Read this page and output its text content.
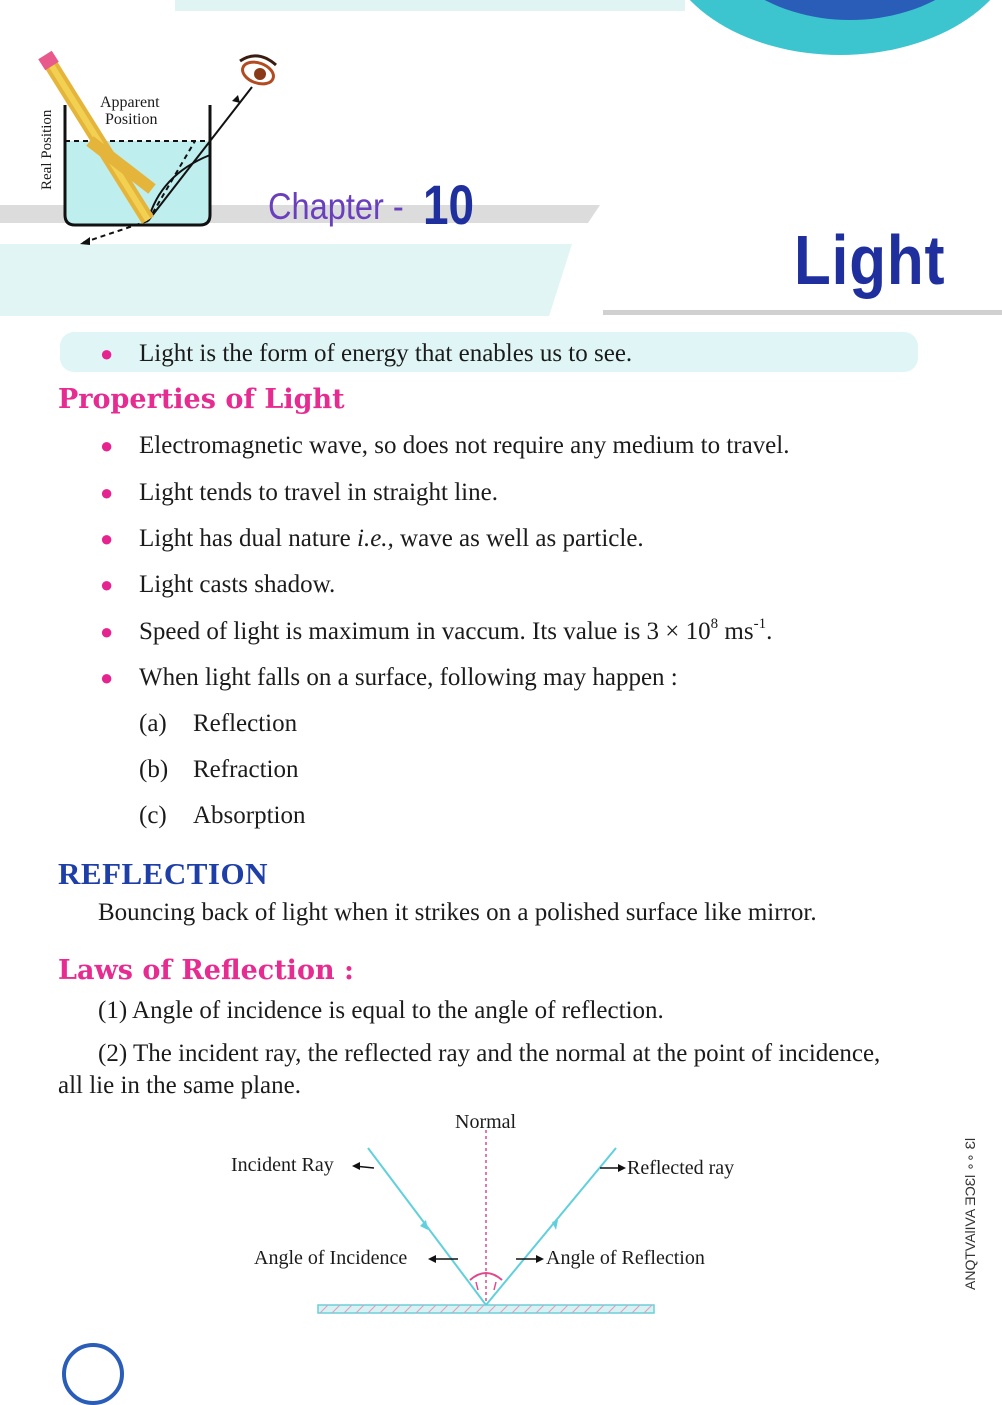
Apparent
Position
Real Position
Chapter - 10
Light
● Light is the form of energy that enables us to see.
Properties of Light
● Electromagnetic wave, so does not require any medium to travel.
● Light tends to travel in straight line.
● Light has dual nature i.e., wave as well as particle.
● Light casts shadow.
● Speed of light is maximum in vaccum. Its value is $3 \times 10^8$ $ms^{-1}$.
● When light falls on a surface, following may happen :
(a) Reflection
(b) Refraction
(c) Absorption
REFLECTION
Bouncing back of light when it strikes on a polished surface like mirror.
Laws of Reflection :
(1) Angle of incidence is equal to the angle of reflection.
(2) The incident ray, the reflected ray and the normal at the point of incidence,
all lie in the same plane.
Normal
Incident Ray	Reflected ray
Angle of Incidence	Angle of Reflection	ANQTVAlIVA ƎƆƐƖ ∘∘ ƐƖ
